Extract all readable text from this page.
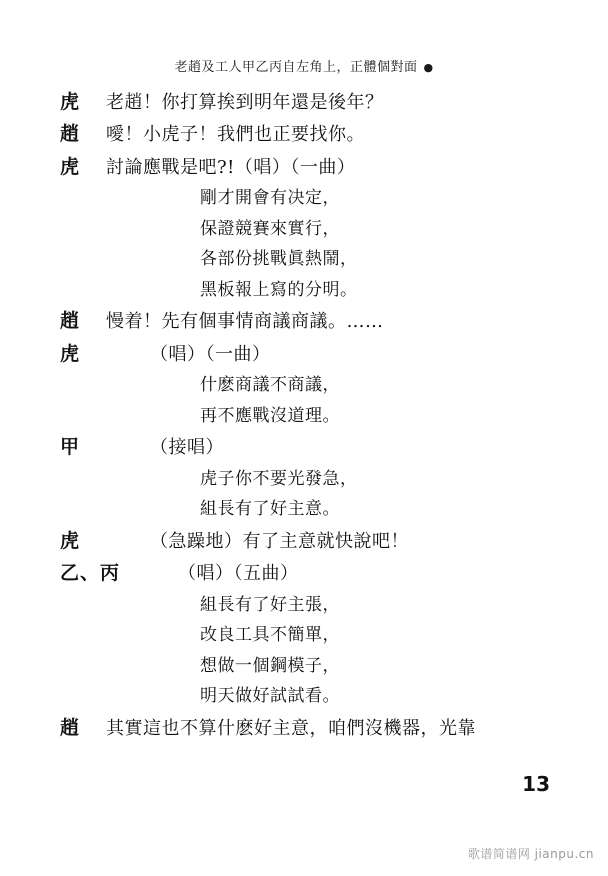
老趙及工人甲乙丙自左角上，正體個對面 ●
虎	老趙！你打算挨到明年還是後年？
趙	噯！小虎子！我們也正要找你。
虎	討論應戰是吧?!（唱）（一曲）
剛才開會有决定，
保證競賽來實行，
各部份挑戰眞熱鬧，
黑板報上寫的分明。
趙	慢着！先有個事情商議商議。……
虎	（唱）（一曲）
什麽商議不商議，
再不應戰沒道理。
甲	（接唱）
虎子你不要光發急，
組長有了好主意。
虎	（急躁地）有了主意就快說吧！
乙、丙	（唱）（五曲）
組長有了好主張，
改良工具不簡單，
想做一個鋼模子，
明天做好試試看。
趙	其實這也不算什麽好主意，咱們沒機器，光靠
13
歌谱简谱网 jianpu.cn
